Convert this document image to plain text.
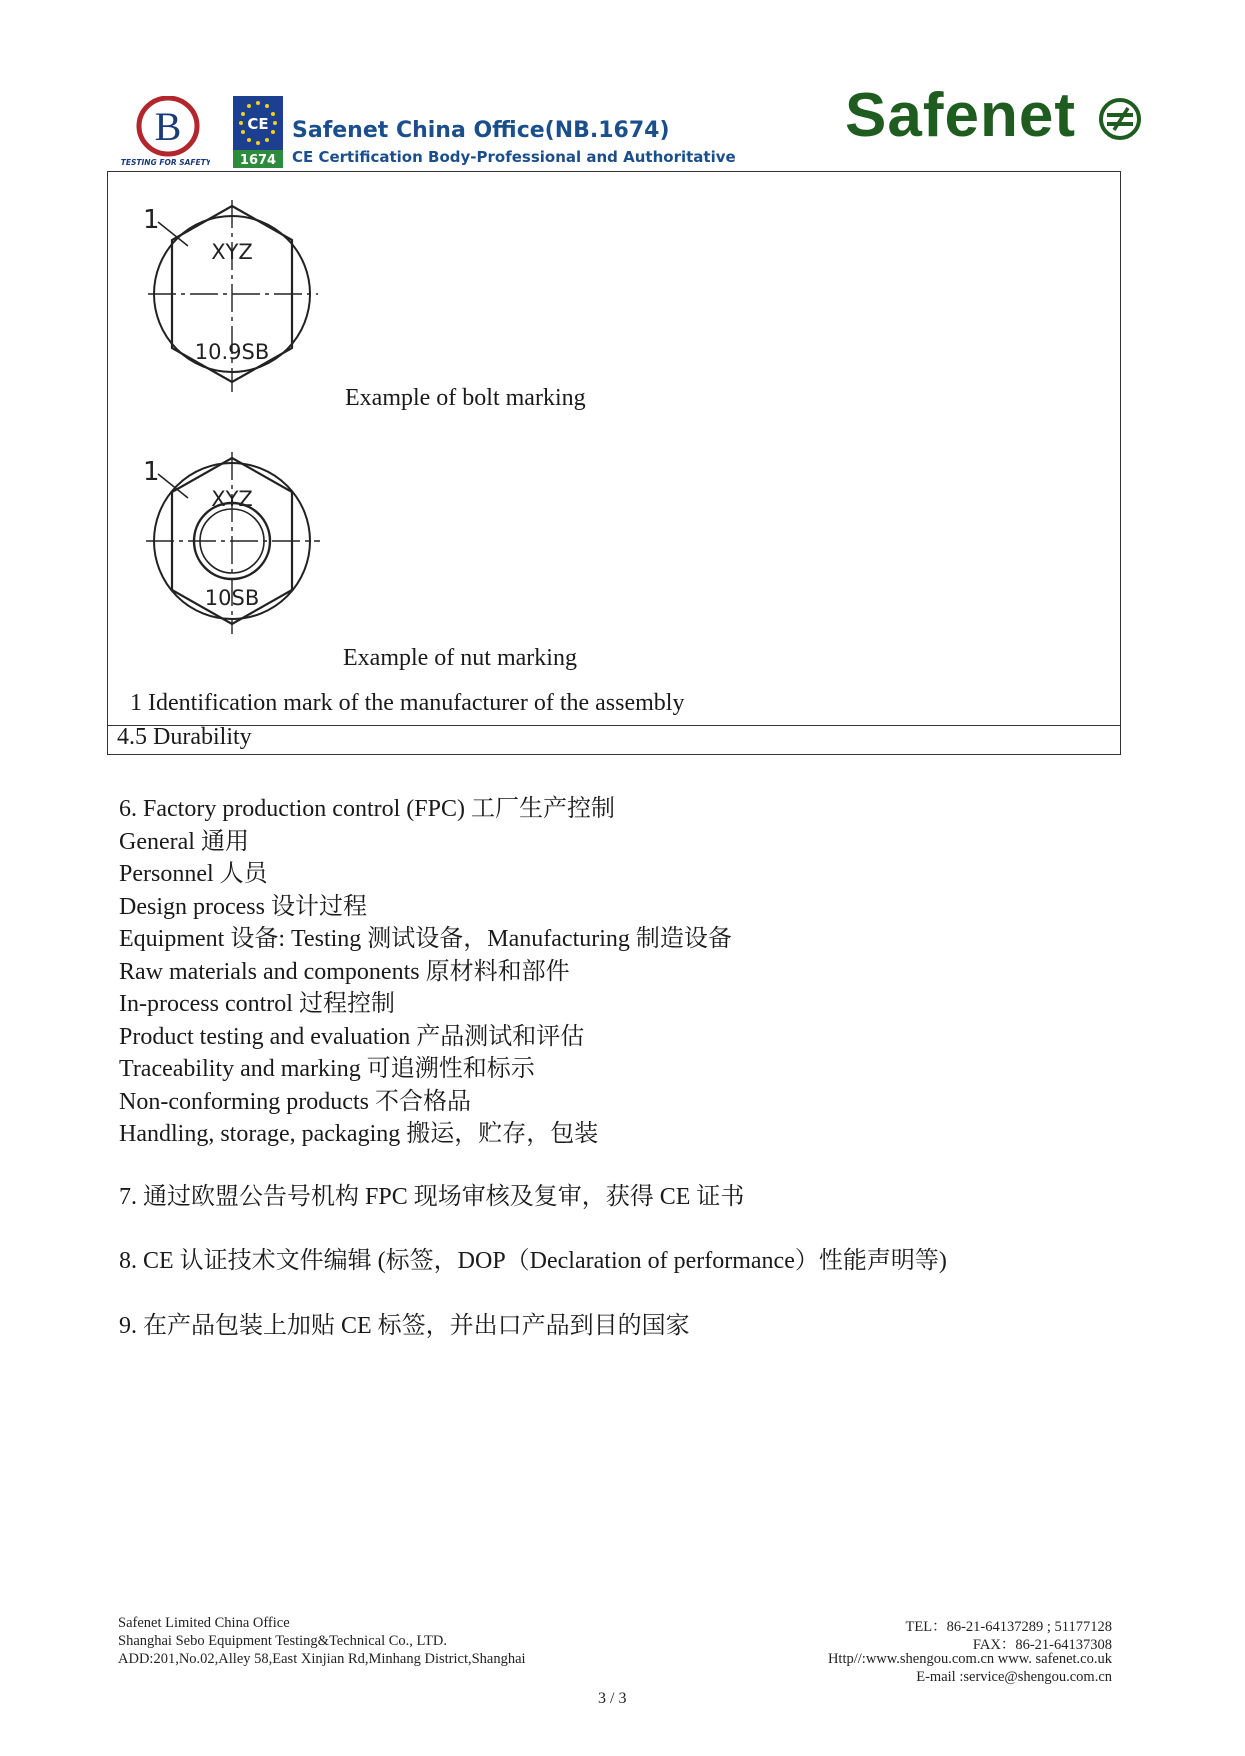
B
TESTING FOR SAFETY
CE
1674
Safenet China Office(NB.1674)
CE Certification Body-Professional and Authoritative
Safenet
1
XYZ
10.9SB
Example of bolt marking
1
XYZ
10SB
Example of nut marking
1 Identification mark of the manufacturer of the assembly
4.5 Durability
6. Factory production control (FPC) 工厂生产控制
General 通用
Personnel 人员
Design process 设计过程
Equipment 设备: Testing 测试设备，Manufacturing 制造设备
Raw materials and components 原材料和部件
In-process control 过程控制
Product testing and evaluation 产品测试和评估
Traceability and marking 可追溯性和标示
Non-conforming products 不合格品
Handling, storage, packaging 搬运，贮存，包装
7. 通过欧盟公告号机构 FPC 现场审核及复审，获得 CE 证书
8. CE 认证技术文件编辑 (标签，DOP（Declaration of performance）性能声明等)
9. 在产品包装上加贴 CE 标签，并出口产品到目的国家
Safenet Limited China Office
Shanghai Sebo Equipment Testing&Technical Co., LTD.
ADD:201,No.02,Alley 58,East Xinjian Rd,Minhang District,Shanghai
TEL：86-21-64137289 ; 51177128
FAX：86-21-64137308
Http//:www.shengou.com.cn www. safenet.co.uk
E-mail :service@shengou.com.cn
3 / 3
